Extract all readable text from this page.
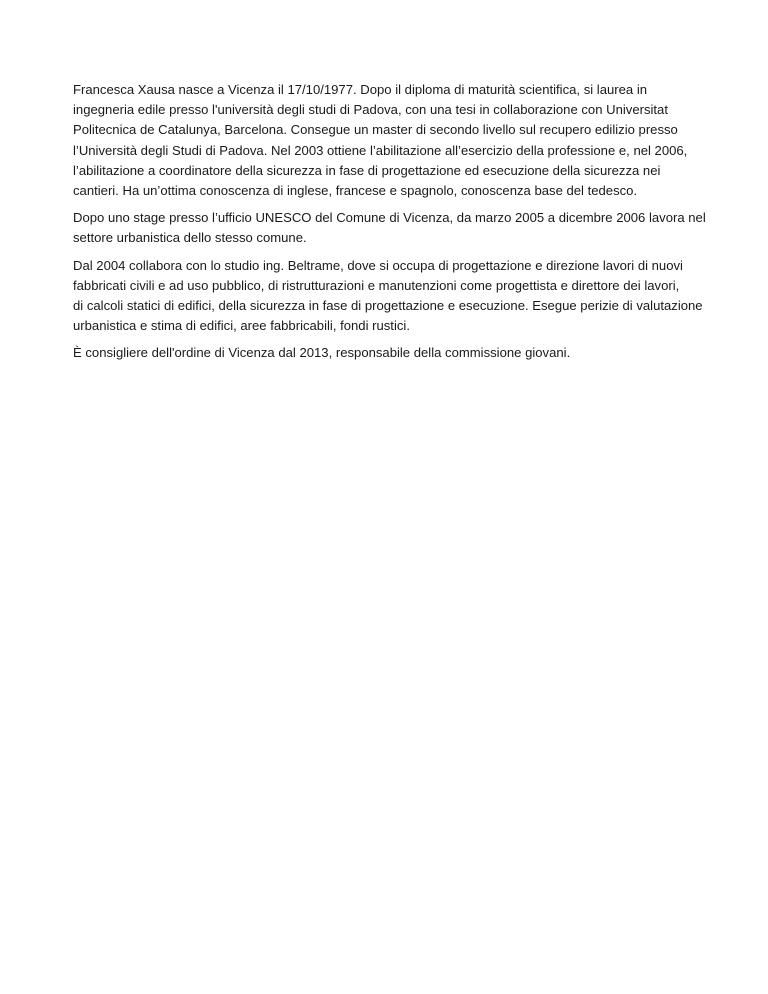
Francesca Xausa nasce a Vicenza il 17/10/1977. Dopo il diploma di maturità scientifica, si laurea in
ingegneria edile presso l'università degli studi di Padova, con una tesi in collaborazione con Universitat
Politecnica de Catalunya, Barcelona. Consegue un master di secondo livello sul recupero edilizio presso
l’Università degli Studi di Padova. Nel 2003 ottiene l’abilitazione all’esercizio della professione e, nel 2006,
l’abilitazione a coordinatore della sicurezza in fase di progettazione ed esecuzione della sicurezza nei
cantieri. Ha un’ottima conoscenza di inglese, francese e spagnolo, conoscenza base del tedesco.

Dopo uno stage presso l’ufficio UNESCO del Comune di Vicenza, da marzo 2005 a dicembre 2006 lavora nel
settore urbanistica dello stesso comune.

Dal 2004 collabora con lo studio ing. Beltrame, dove si occupa di progettazione e direzione lavori di nuovi
fabbricati civili e ad uso pubblico, di ristrutturazioni e manutenzioni come progettista e direttore dei lavori,
di calcoli statici di edifici, della sicurezza in fase di progettazione e esecuzione. Esegue perizie di valutazione
urbanistica e stima di edifici, aree fabbricabili, fondi rustici.

È consigliere dell'ordine di Vicenza dal 2013, responsabile della commissione giovani.
